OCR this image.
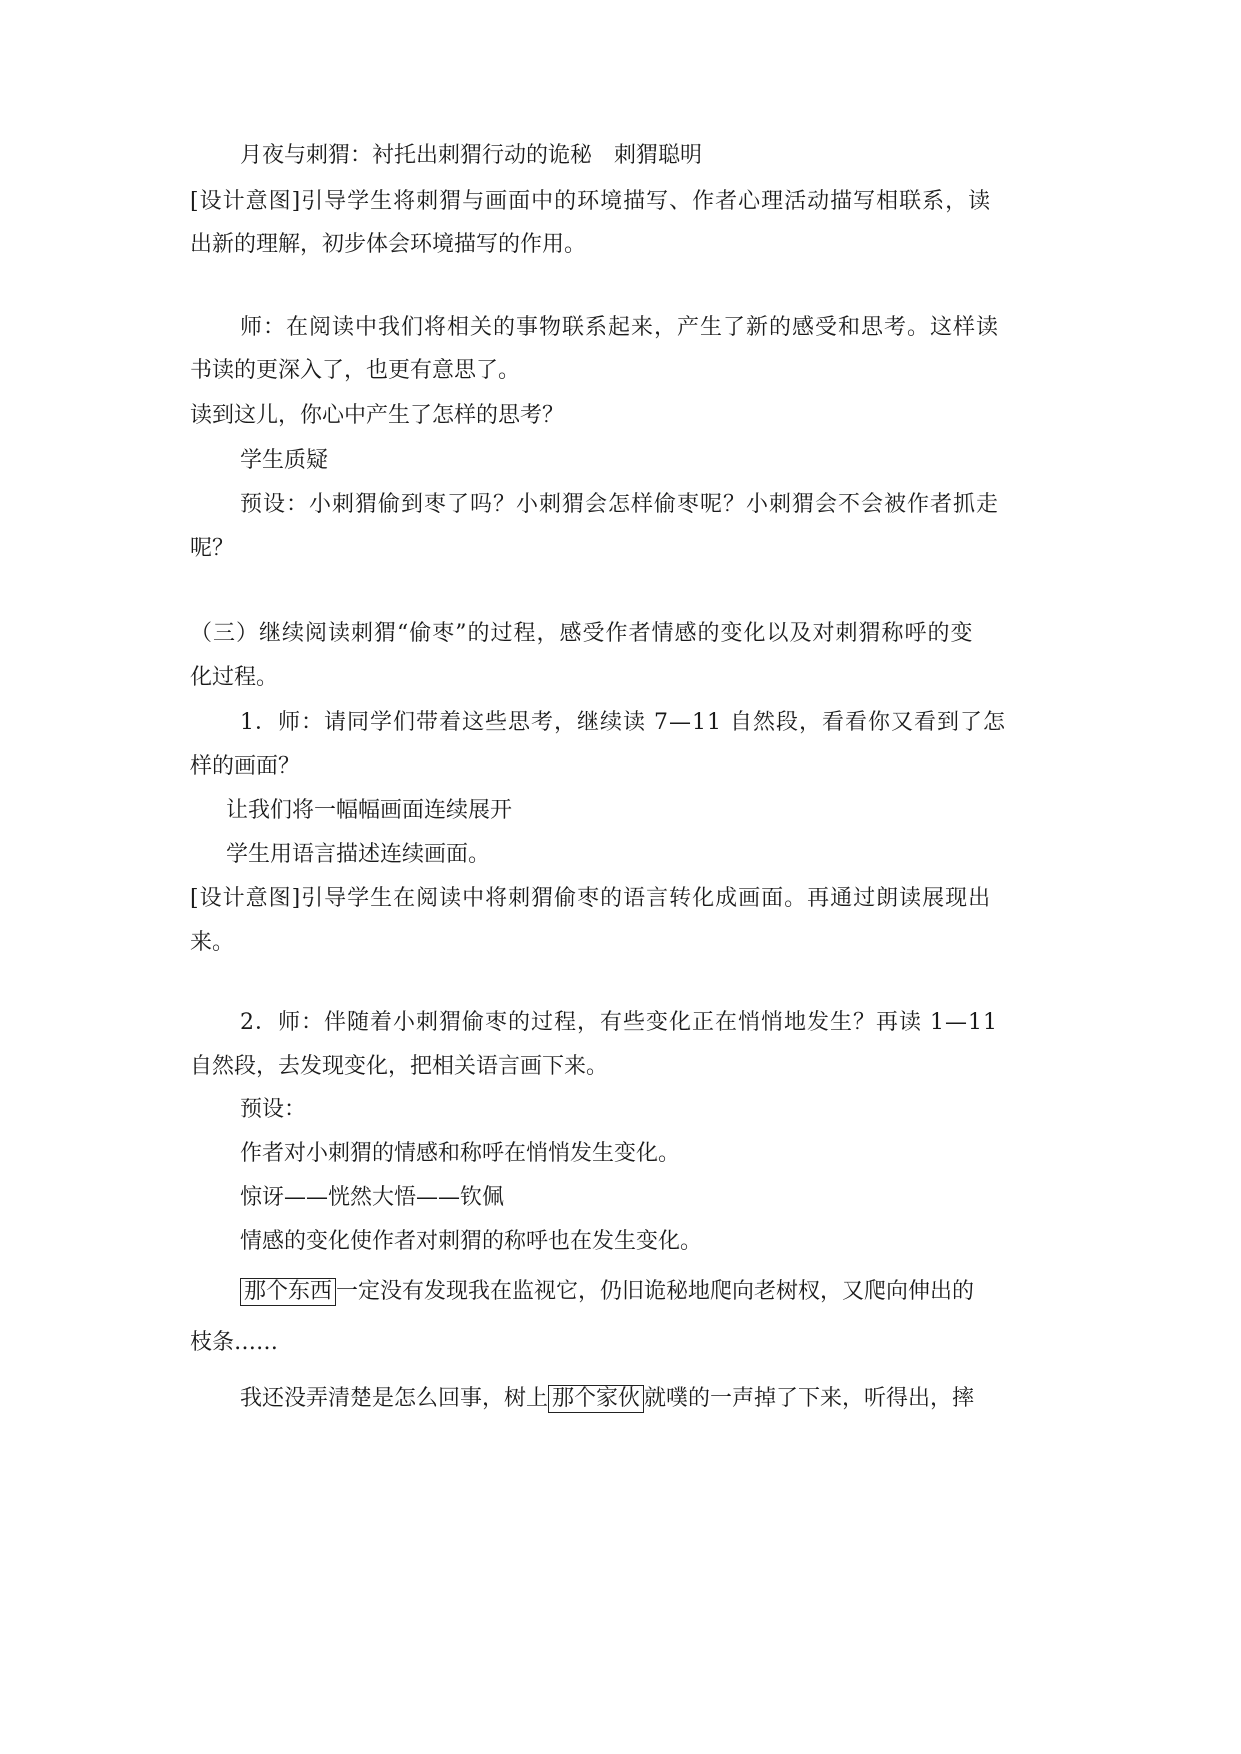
月夜与刺猬：衬托出刺猬行动的诡秘　刺猬聪明
[设计意图]引导学生将刺猬与画面中的环境描写、作者心理活动描写相联系，读
出新的理解，初步体会环境描写的作用。
师：在阅读中我们将相关的事物联系起来，产生了新的感受和思考。这样读
书读的更深入了，也更有意思了。
读到这儿，你心中产生了怎样的思考？
学生质疑
预设：小刺猬偷到枣了吗？小刺猬会怎样偷枣呢？小刺猬会不会被作者抓走
呢？
（三）继续阅读刺猬“偷枣”的过程，感受作者情感的变化以及对刺猬称呼的变
化过程。
1．师：请同学们带着这些思考，继续读 7—11 自然段，看看你又看到了怎
样的画面？
让我们将一幅幅画面连续展开
学生用语言描述连续画面。
[设计意图]引导学生在阅读中将刺猬偷枣的语言转化成画面。再通过朗读展现出
来。
2．师：伴随着小刺猬偷枣的过程，有些变化正在悄悄地发生？再读 1—11
自然段，去发现变化，把相关语言画下来。
预设：
作者对小刺猬的情感和称呼在悄悄发生变化。
惊讶——恍然大悟——钦佩
情感的变化使作者对刺猬的称呼也在发生变化。
那个东西 一定没有发现我在监视它，仍旧诡秘地爬向老树杈，又爬向伸出的
枝条……
我还没弄清楚是怎么回事，树上 那个家伙 就噗的一声掉了下来，听得出，摔
